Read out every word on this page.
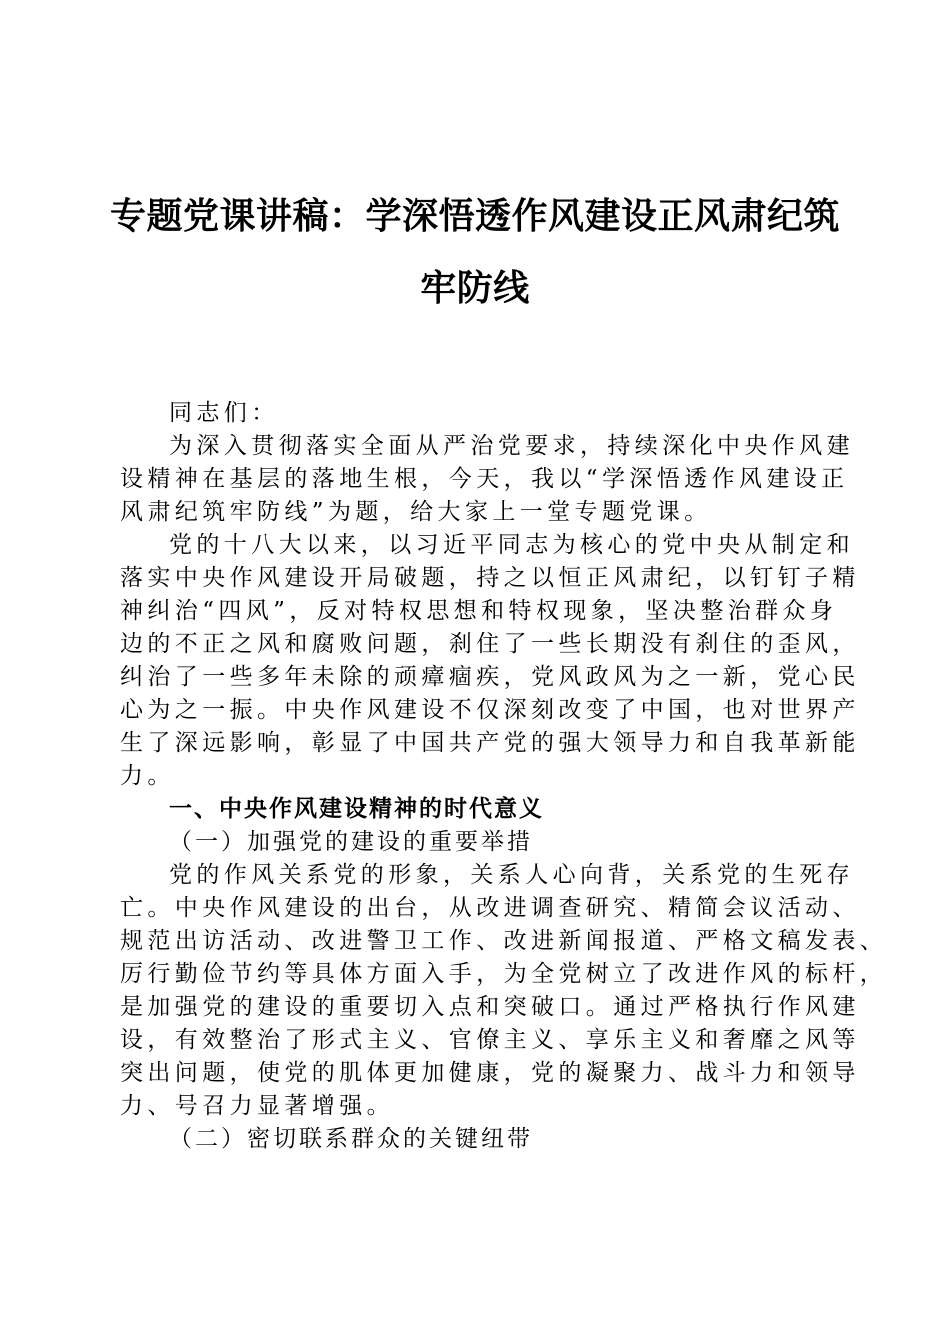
专题党课讲稿：学深悟透作风建设正风肃纪筑
牢防线
同志们：
为深入贯彻落实全面从严治党要求，持续深化中央作风建
设精神在基层的落地生根，今天，我以“学深悟透作风建设正
风肃纪筑牢防线”为题，给大家上一堂专题党课。
党的十八大以来，以习近平同志为核心的党中央从制定和
落实中央作风建设开局破题，持之以恒正风肃纪，以钉钉子精
神纠治“四风”，反对特权思想和特权现象，坚决整治群众身
边的不正之风和腐败问题，刹住了一些长期没有刹住的歪风，
纠治了一些多年未除的顽瘴痼疾，党风政风为之一新，党心民
心为之一振。中央作风建设不仅深刻改变了中国，也对世界产
生了深远影响，彰显了中国共产党的强大领导力和自我革新能
力。
一、中央作风建设精神的时代意义
（一）加强党的建设的重要举措
党的作风关系党的形象，关系人心向背，关系党的生死存
亡。中央作风建设的出台，从改进调查研究、精简会议活动、
规范出访活动、改进警卫工作、改进新闻报道、严格文稿发表、
厉行勤俭节约等具体方面入手，为全党树立了改进作风的标杆，
是加强党的建设的重要切入点和突破口。通过严格执行作风建
设，有效整治了形式主义、官僚主义、享乐主义和奢靡之风等
突出问题，使党的肌体更加健康，党的凝聚力、战斗力和领导
力、号召力显著增强。
（二）密切联系群众的关键纽带
